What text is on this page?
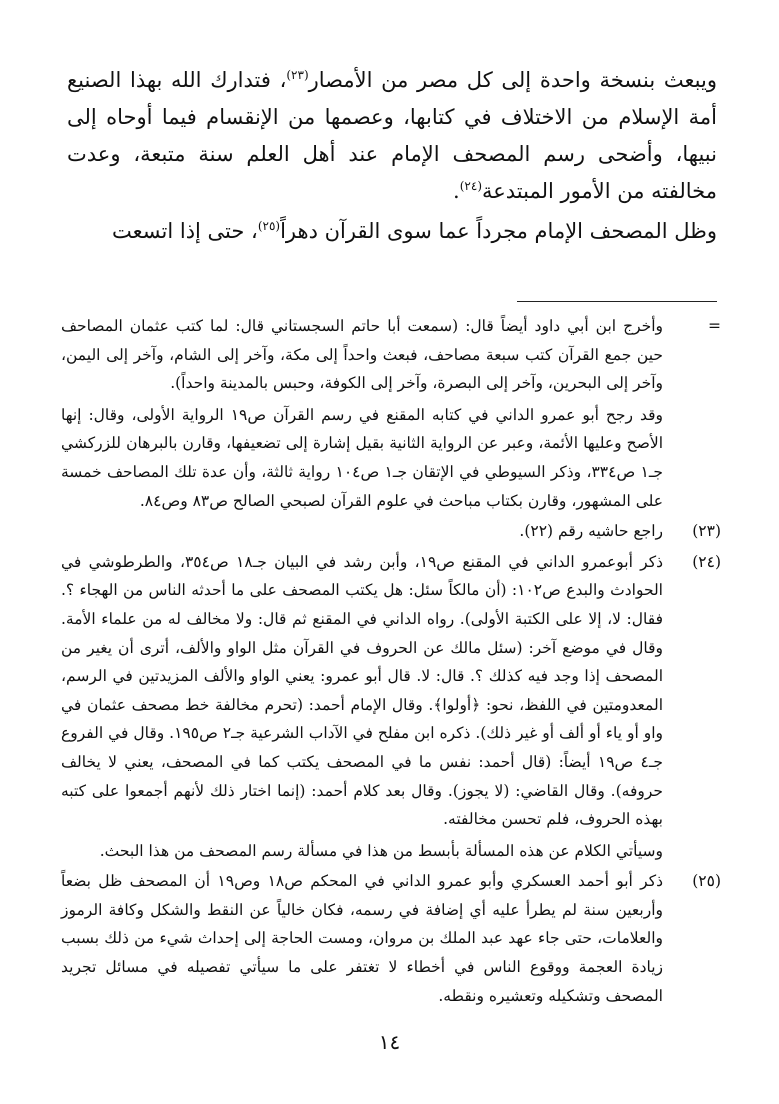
ويبعث بنسخة واحدة إلى كل مصر من الأمصار$^{(٢٣)}$، فتدارك الله بهذا الصنيع أمة الإسلام من الاختلاف في كتابها، وعصمها من الإنقسام فيما أوحاه إلى نبيها، وأضحى رسم المصحف الإمام عند أهل العلم سنة متبعة، وعدت مخالفته من الأمور المبتدعة$^{(٢٤)}$.

وظل المصحف الإمام مجرداً عما سوى القرآن دهراً$^{(٢٥)}$، حتى إذا اتسعت

=

وأخرج ابن أبي داود أيضاً قال: (سمعت أبا حاتم السجستاني قال: لما كتب عثمان المصاحف حين جمع القرآن كتب سبعة مصاحف، فبعث واحداً إلى مكة، وآخر إلى الشام، وآخر إلى اليمن، وآخر إلى البحرين، وآخر إلى البصرة، وآخر إلى الكوفة، وحبس بالمدينة واحداً).

وقد رجح أبو عمرو الداني في كتابه المقنع في رسم القرآن ص١٩ الرواية الأولى، وقال: إنها الأصح وعليها الأئمة، وعبر عن الرواية الثانية بقيل إشارة إلى تضعيفها، وقارن بالبرهان للزركشي جـ١ ص٣٣٤، وذكر السيوطي في الإتقان جـ١ ص١٠٤ رواية ثالثة، وأن عدة تلك المصاحف خمسة على المشهور، وقارن بكتاب مباحث في علوم القرآن لصبحي الصالح ص٨٣ وص٨٤.

(٢٣)

راجع حاشيه رقم (٢٢).

(٢٤)

ذكر أبوعمرو الداني في المقنع ص١٩، وأبن رشد في البيان جـ١٨ ص٣٥٤، والطرطوشي في الحوادث والبدع ص١٠٢: (أن مالكاً سئل: هل يكتب المصحف على ما أحدثه الناس من الهجاء ؟. فقال: لا، إلا على الكتبة الأولى). رواه الداني في المقنع ثم قال: ولا مخالف له من علماء الأمة. وقال في موضع آخر: (سئل مالك عن الحروف في القرآن مثل الواو والألف، أترى أن يغير من المصحف إذا وجد فيه كذلك ؟. قال: لا. قال أبو عمرو: يعني الواو والألف المزيدتين في الرسم، المعدومتين في اللفظ، نحو: ﴿أولوا﴾. وقال الإمام أحمد: (تحرم مخالفة خط مصحف عثمان في واو أو ياء أو ألف أو غير ذلك). ذكره ابن مفلح في الآداب الشرعية جـ٢ ص١٩٥. وقال في الفروع جـ٤ ص١٩ أيضاً: (قال أحمد: نفس ما في المصحف يكتب كما في المصحف، يعني لا يخالف حروفه). وقال القاضي: (لا يجوز). وقال بعد كلام أحمد: (إنما اختار ذلك لأنهم أجمعوا على كتبه بهذه الحروف، فلم تحسن مخالفته.

وسيأتي الكلام عن هذه المسألة بأبسط من هذا في مسألة رسم المصحف من هذا البحث.

(٢٥)

ذكر أبو أحمد العسكري وأبو عمرو الداني في المحكم ص١٨ وص١٩ أن المصحف ظل بضعاً وأربعين سنة لم يطرأ عليه أي إضافة في رسمه، فكان خالياً عن النقط والشكل وكافة الرموز والعلامات، حتى جاء عهد عبد الملك بن مروان، ومست الحاجة إلى إحداث شيء من ذلك بسبب زيادة العجمة ووقوع الناس في أخطاء لا تغتفر على ما سيأتي تفصيله في مسائل تجريد المصحف وتشكيله وتعشيره ونقطه.

١٤
